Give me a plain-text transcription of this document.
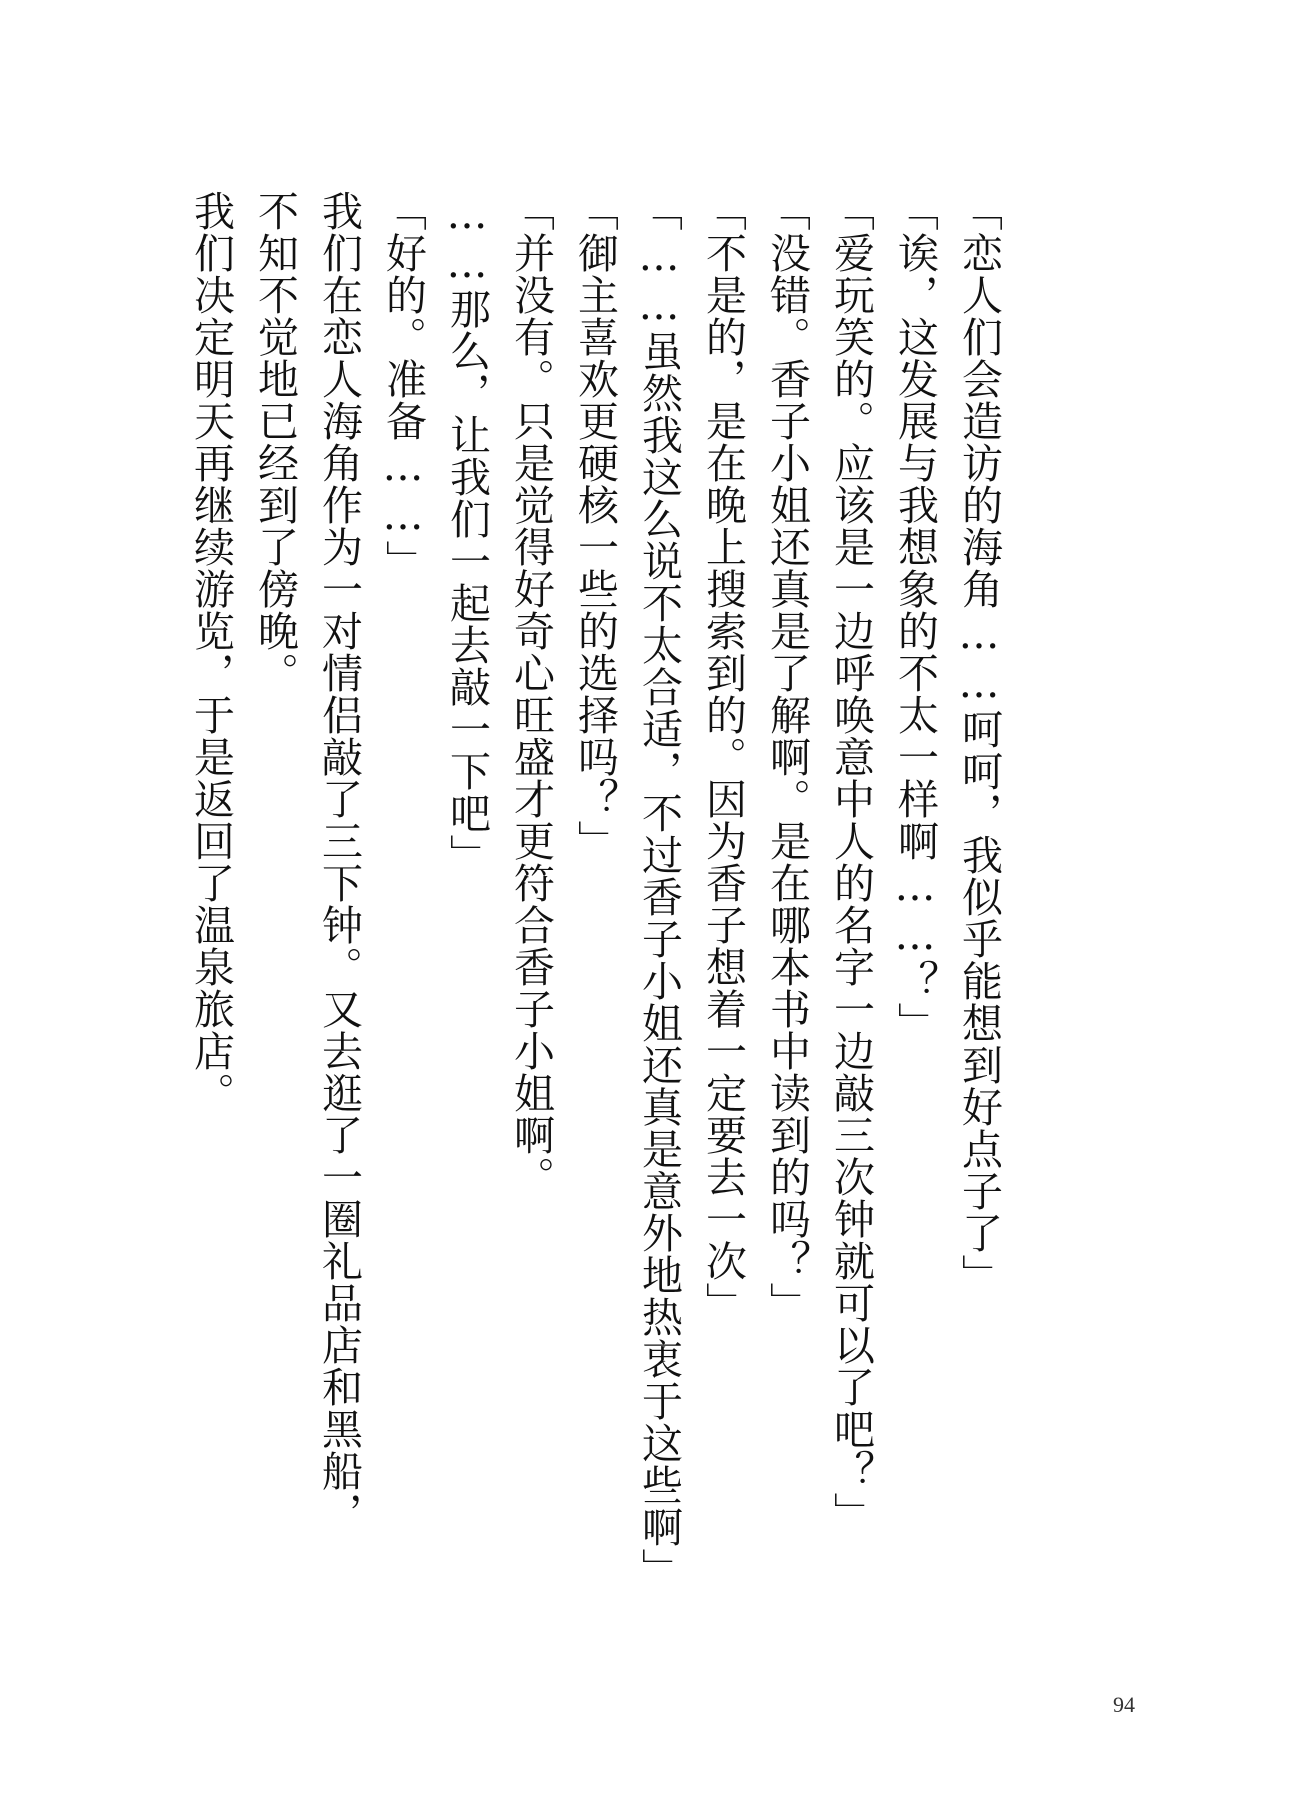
「恋人们会造访的海角……呵呵，我似乎能想到好点子了」
「诶，这发展与我想象的不太一样啊……？」
「爱玩笑的。应该是一边呼唤意中人的名字一边敲三次钟就可以了吧？」
「没错。香子小姐还真是了解啊。是在哪本书中读到的吗？」
「不是的，是在晚上搜索到的。因为香子想着一定要去一次」
「……虽然我这么说不太合适，不过香子小姐还真是意外地热衷于这些啊」
「御主喜欢更硬核一些的选择吗？」
「并没有。只是觉得好奇心旺盛才更符合香子小姐啊。
……那么，让我们一起去敲一下吧」
「好的。准备……」
我们在恋人海角作为一对情侣敲了三下钟。又去逛了一圈礼品店和黑船，
不知不觉地已经到了傍晚。
我们决定明天再继续游览，于是返回了温泉旅店。
94
